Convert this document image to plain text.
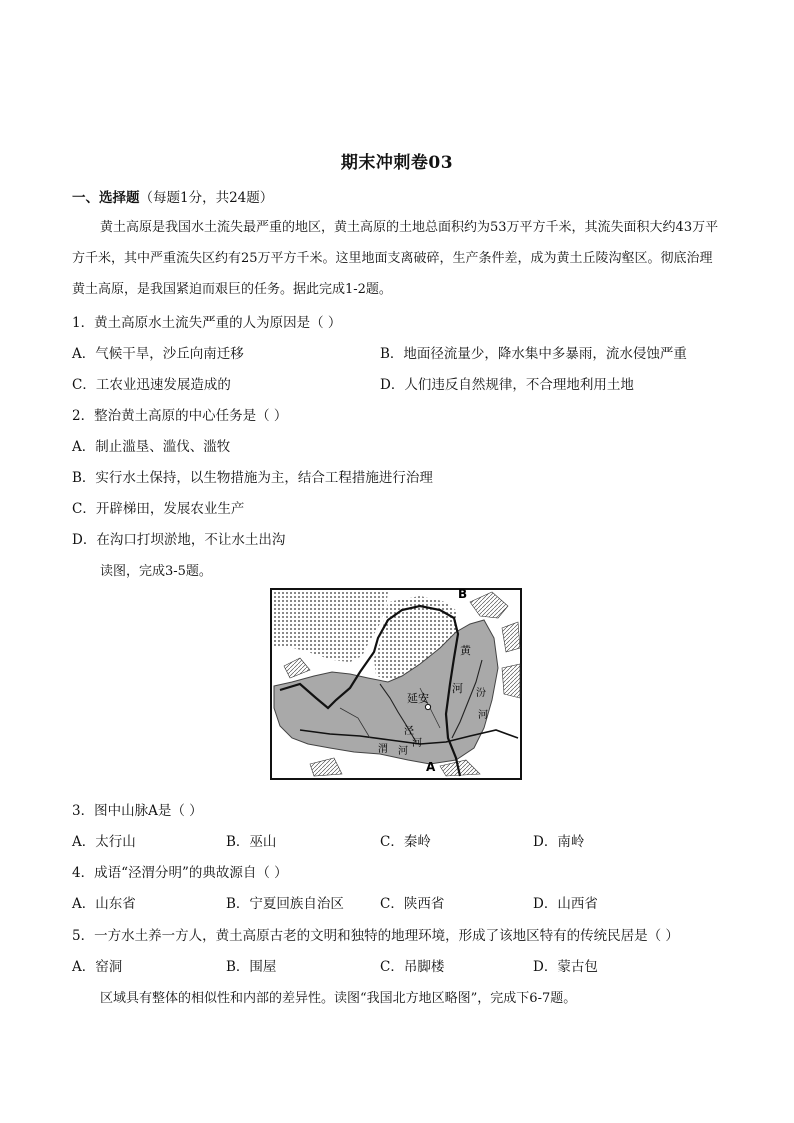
期末冲刺卷03
一、选择题（每题1分，共24题）
黄土高原是我国水土流失最严重的地区，黄土高原的土地总面积约为53万平方千米，其流失面积大约43万平方千米，其中严重流失区约有25万平方千米。这里地面支离破碎，生产条件差，成为黄土丘陵沟壑区。彻底治理黄土高原，是我国紧迫而艰巨的任务。据此完成1-2题。
1．黄土高原水土流失严重的人为原因是（ ）
A．气候干旱，沙丘向南迁移	B．地面径流量少，降水集中多暴雨，流水侵蚀严重
C．工农业迅速发展造成的	D．人们违反自然规律，不合理地利用土地
2．整治黄土高原的中心任务是（ ）
A．制止滥垦、滥伐、滥牧
B．实行水土保持，以生物措施为主，结合工程措施进行治理
C．开辟梯田，发展农业生产
D．在沟口打坝淤地，不让水土出沟
读图，完成3-5题。
延安
B
A
黄
河 汾
河
泾
河
渭 河
3．图中山脉A是（ ）
A．太行山	B．巫山	C．秦岭	D．南岭
4．成语“泾渭分明”的典故源自（ ）
A．山东省	B．宁夏回族自治区	C．陕西省	D．山西省
5．一方水土养一方人，黄土高原古老的文明和独特的地理环境，形成了该地区特有的传统民居是（ ）
A．窑洞	B．围屋	C．吊脚楼	D．蒙古包
区域具有整体的相似性和内部的差异性。读图“我国北方地区略图”，完成下6-7题。
